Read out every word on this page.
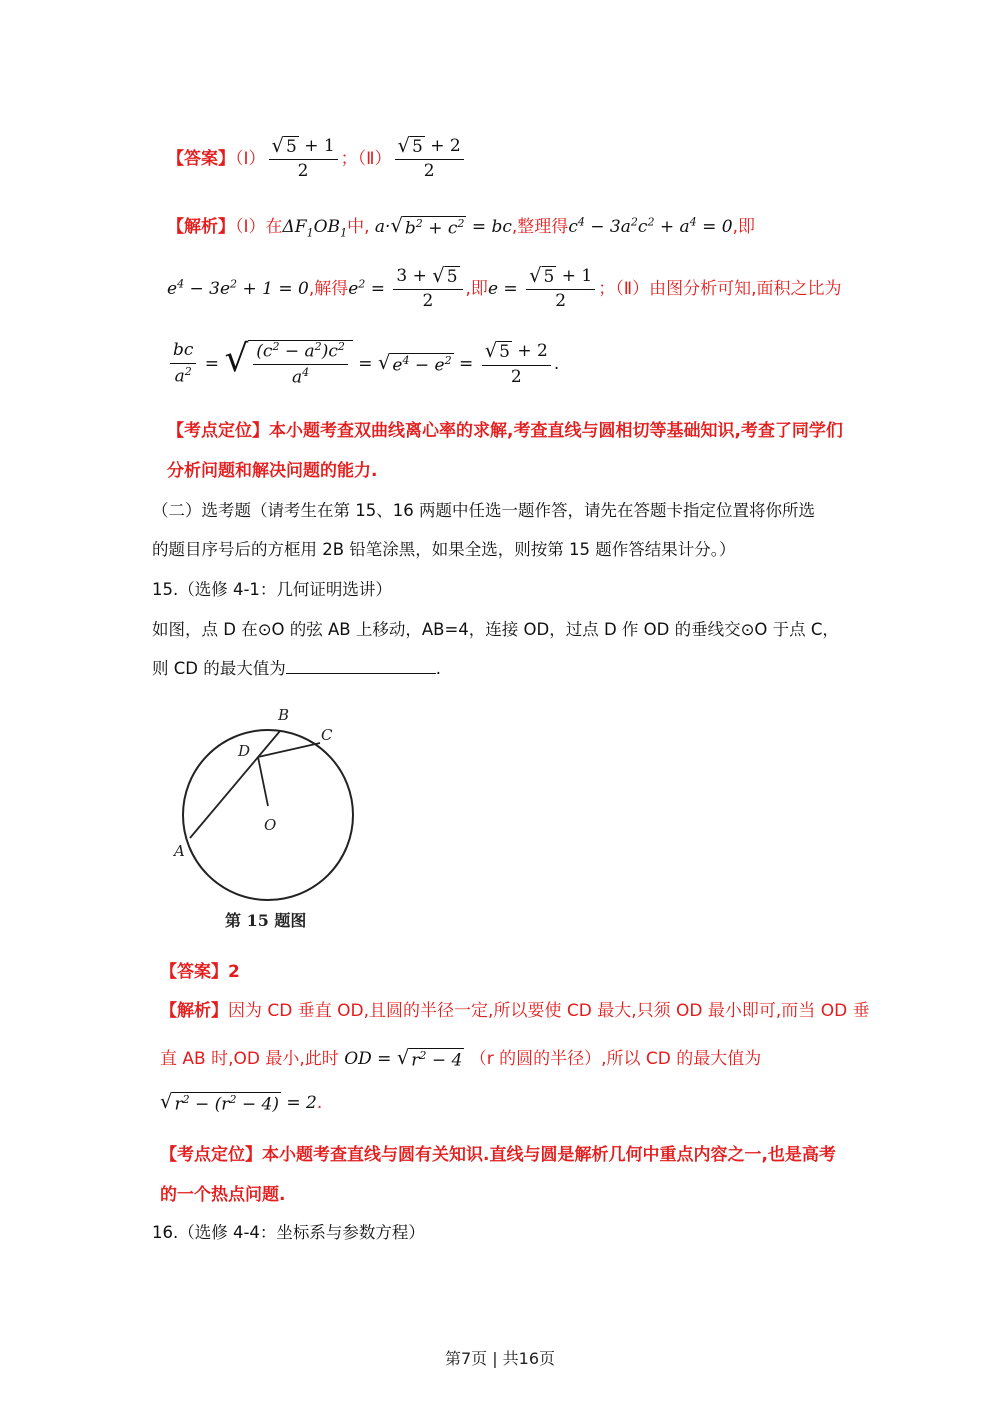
【答案】（Ⅰ） $\frac{√ 5 + 1}{2}$ ；（Ⅱ） $\frac{√ 5 + 2}{2}$
【解析】（Ⅰ）在$\Delta F_1OB_1$中, a· √ $b^2 + c^2$ = bc,整理得$c^4 - 3a^2c^2 + a^4 = 0$,即
$e^4 - 3e^2 + 1 = 0$,解得$e^2 = \frac{3 + √ 5}{2}$ ,即$e = \frac{√ 5 + 1}{2}$ ；（Ⅱ）由图分析可知,面积之比为
$\frac{bc}{a^2}$ = √ $\frac{(c^2 - a^2)c^2}{a^4}$ = √ $e^4 - e^2 = \frac{√ 5 + 2}{2}$ .
【考点定位】本小题考查双曲线离心率的求解,考查直线与圆相切等基础知识,考查了同学们
分析问题和解决问题的能力.
（二）选考题（请考生在第 15、16 两题中任选一题作答，请先在答题卡指定位置将你所选
的题目序号后的方框用 2B 铅笔涂黑，如果全选，则按第 15 题作答结果计分。）
15.（选修 4-1：几何证明选讲）
如图，点 D 在⊙O 的弦 AB 上移动，AB=4，连接 OD，过点 D 作 OD 的垂线交⊙O 于点 C，
则 CD 的最大值为	.
B
C
D
O
A
第 15 题图
【答案】2
【解析】因为 CD 垂直 OD,且圆的半径一定,所以要使 CD 最大,只须 OD 最小即可,而当 OD 垂
直 AB 时,OD 最小,此时 OD = √ $r^2 - 4$ （r 的圆的半径）,所以 CD 的最大值为
√ $r^2 - (r^2 - 4) = 2$.
【考点定位】本小题考查直线与圆有关知识.直线与圆是解析几何中重点内容之一,也是高考
的一个热点问题.
16.（选修 4-4：坐标系与参数方程）
第7页 | 共16页
